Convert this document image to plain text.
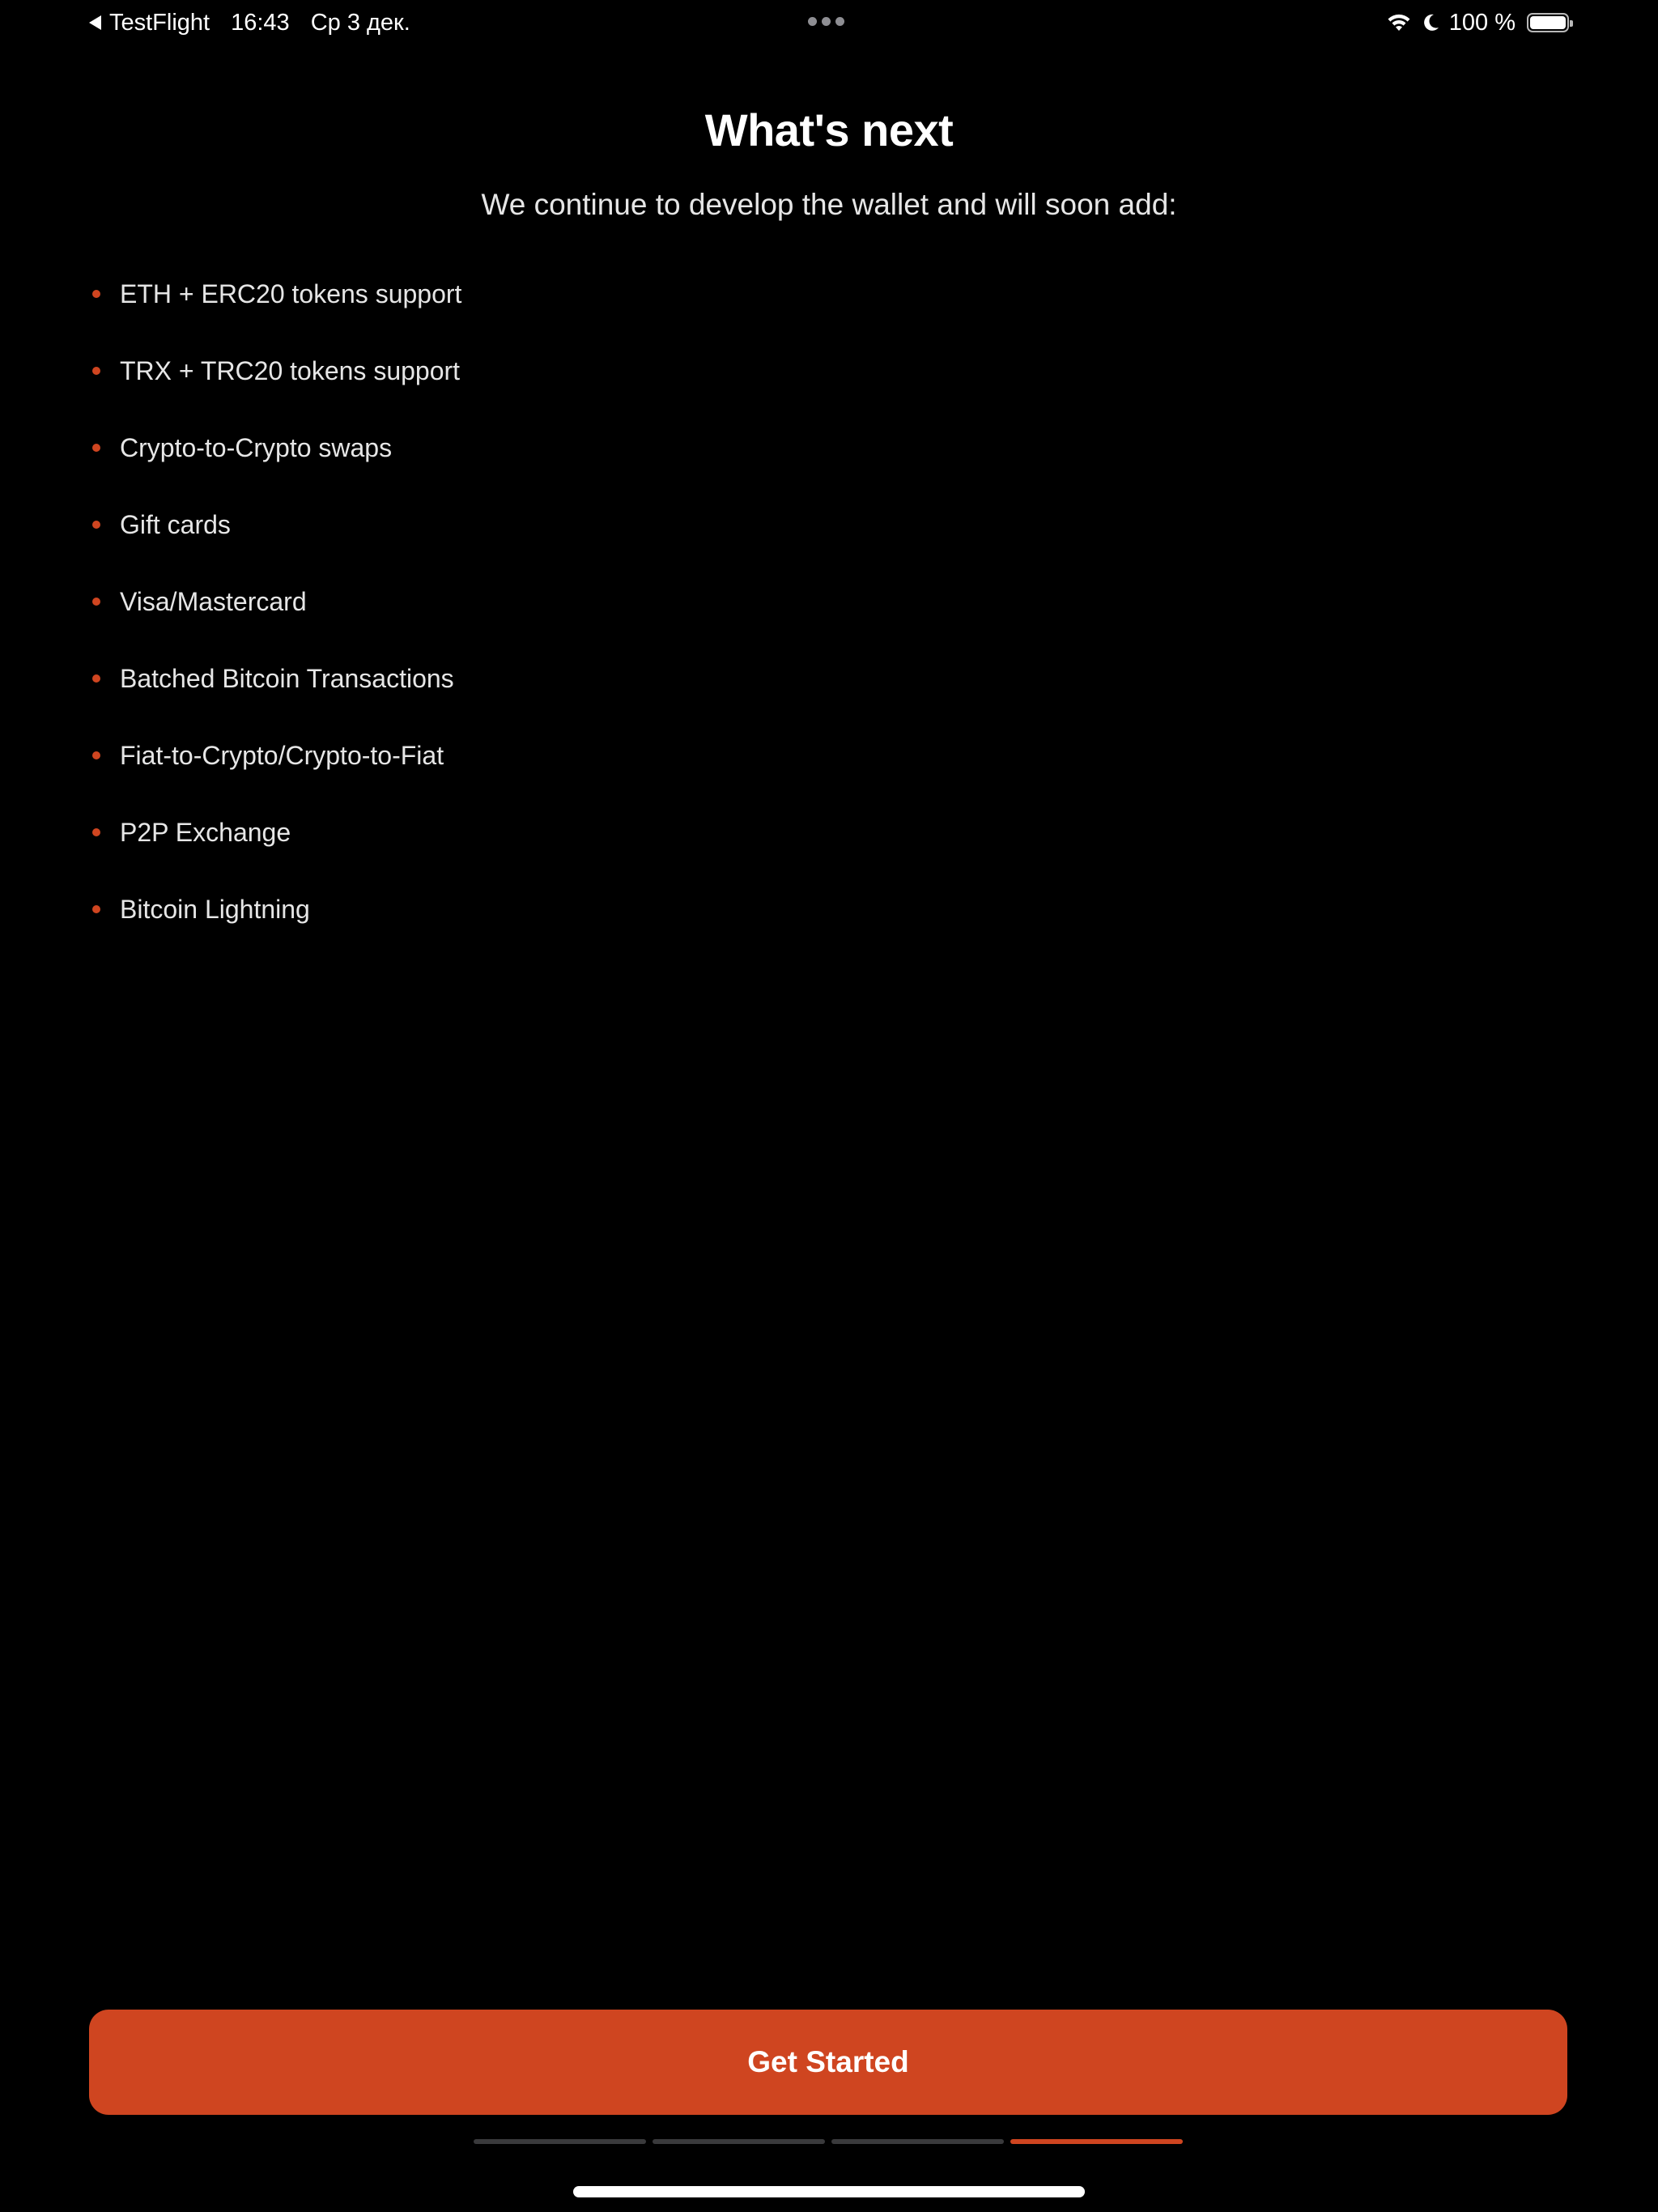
TestFlight 16:43 Ср 3 дек.	100 %
What's next

We continue to develop the wallet and will soon add:

ETH + ERC20 tokens support
TRX + TRC20 tokens support
Crypto-to-Crypto swaps
Gift cards
Visa/Mastercard
Batched Bitcoin Transactions
Fiat-to-Crypto/Crypto-to-Fiat
P2P Exchange
Bitcoin Lightning
Get Started
